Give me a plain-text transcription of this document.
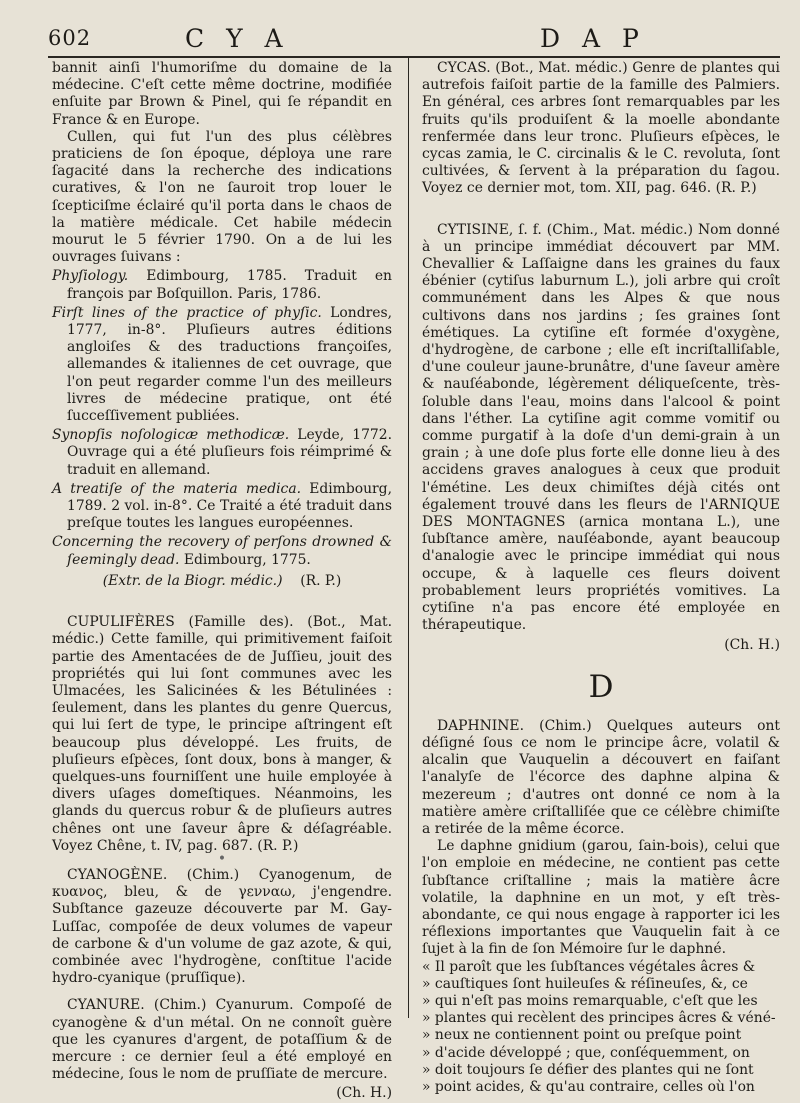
602	C Y A	D A P

bannit ainſi l'humoriſme du domaine de la médecine. C'eſt cette même doctrine, modifiée enſuite par Brown & Pinel, qui ſe répandit en France & en Europe.

Cullen, qui fut l'un des plus célèbres praticiens de ſon époque, déploya une rare ſagacité dans la recherche des indications curatives, & l'on ne ſauroit trop louer le ſcepticiſme éclairé qu'il porta dans le chaos de la matière médicale. Cet habile médecin mourut le 5 février 1790. On a de lui les ouvrages ſuivans :

Phyſiology. Edimbourg, 1785. Traduit en françois par Boſquillon. Paris, 1786.

Firſt lines of the practice of phyſic. Londres, 1777, in-8°. Pluſieurs autres éditions angloiſes & des traductions françoiſes, allemandes & italiennes de cet ouvrage, que l'on peut regarder comme l'un des meilleurs livres de médecine pratique, ont été ſucceſſivement publiées.

Synopſis noſologicæ methodicæ. Leyde, 1772. Ouvrage qui a été pluſieurs fois réimprimé & traduit en allemand.

A treatiſe of the materia medica. Edimbourg, 1789. 2 vol. in-8°. Ce Traité a été traduit dans preſque toutes les langues européennes.

Concerning the recovery of perſons drowned & ſeemingly dead. Edimbourg, 1775.

(Extr. de la Biogr. médic.) (R. P.)

CUPULIFÈRES (Famille des). (Bot., Mat. médic.) Cette famille, qui primitivement faiſoit partie des Amentacées de de Juſſieu, jouit des propriétés qui lui ſont communes avec les Ulmacées, les Salicinées & les Bétulinées : ſeulement, dans les plantes du genre Quercus, qui lui ſert de type, le principe aſtringent eſt beaucoup plus développé. Les fruits, de pluſieurs eſpèces, ſont doux, bons à manger, & quelques-uns fourniſſent une huile employée à divers uſages domeſtiques. Néanmoins, les glands du quercus robur & de pluſieurs autres chênes ont une ſaveur âpre & déſagréable. Voyez Chêne, t. IV, pag. 687. (R. P.)

•

CYANOGÈNE. (Chim.) Cyanogenum, de κυανος, bleu, & de γενναω, j'engendre. Subſtance gazeuze découverte par M. Gay-Luſſac, compoſée de deux volumes de vapeur de carbone & d'un volume de gaz azote, & qui, combinée avec l'hydrogène, conſtitue l'acide hydro-cyanique (pruſſique).

CYANURE. (Chim.) Cyanurum. Compoſé de cyanogène & d'un métal. On ne connoît guère que les cyanures d'argent, de potaſſium & de mercure : ce dernier ſeul a été employé en médecine, ſous le nom de pruſſiate de mercure.

(Ch. H.)

CYCAS. (Bot., Mat. médic.) Genre de plantes qui autrefois faiſoit partie de la famille des Palmiers. En général, ces arbres ſont remarquables par les fruits qu'ils produiſent & la moelle abondante renfermée dans leur tronc. Pluſieurs eſpèces, le cycas zamia, le C. circinalis & le C. revoluta, ſont cultivées, & ſervent à la préparation du ſagou. Voyez ce dernier mot, tom. XII, pag. 646. (R. P.)

CYTISINE, ſ. f. (Chim., Mat. médic.) Nom donné à un principe immédiat découvert par MM. Chevallier & Laſſaigne dans les graines du faux ébénier (cytiſus laburnum L.), joli arbre qui croît communément dans les Alpes & que nous cultivons dans nos jardins ; ſes graines ſont émétiques. La cytiſine eſt formée d'oxygène, d'hydrogène, de carbone ; elle eſt incriſtalliſable, d'une couleur jaune-brunâtre, d'une ſaveur amère & nauſéabonde, légèrement déliqueſcente, très-ſoluble dans l'eau, moins dans l'alcool & point dans l'éther. La cytiſine agit comme vomitif ou comme purgatif à la doſe d'un demi-grain à un grain ; à une doſe plus forte elle donne lieu à des accidens graves analogues à ceux que produit l'émétine. Les deux chimiſtes déjà cités ont également trouvé dans les fleurs de l'ARNIQUE DES MONTAGNES (arnica montana L.), une ſubſtance amère, nauſéabonde, ayant beaucoup d'analogie avec le principe immédiat qui nous occupe, & à laquelle ces fleurs doivent probablement leurs propriétés vomitives. La cytiſine n'a pas encore été employée en thérapeutique.

(Ch. H.)

D

DAPHNINE. (Chim.) Quelques auteurs ont déſigné ſous ce nom le principe âcre, volatil & alcalin que Vauquelin a découvert en faiſant l'analyſe de l'écorce des daphne alpina & mezereum ; d'autres ont donné ce nom à la matière amère criſtalliſée que ce célèbre chimiſte a retirée de la même écorce.

Le daphne gnidium (garou, ſain-bois), celui que l'on emploie en médecine, ne contient pas cette ſubſtance criſtalline ; mais la matière âcre volatile, la daphnine en un mot, y eſt très-abondante, ce qui nous engage à rapporter ici les réflexions importantes que Vauquelin fait à ce ſujet à la fin de ſon Mémoire ſur le daphné.

« Il paroît que les ſubſtances végétales âcres &

» cauſtiques ſont huileuſes & réſineuſes, &, ce

» qui n'eſt pas moins remarquable, c'eſt que les

» plantes qui recèlent des principes âcres & véné-

» neux ne contiennent point ou preſque point

» d'acide développé ; que, conſéquemment, on

» doit toujours ſe défier des plantes qui ne ſont

» point acides, & qu'au contraire, celles où l'on
